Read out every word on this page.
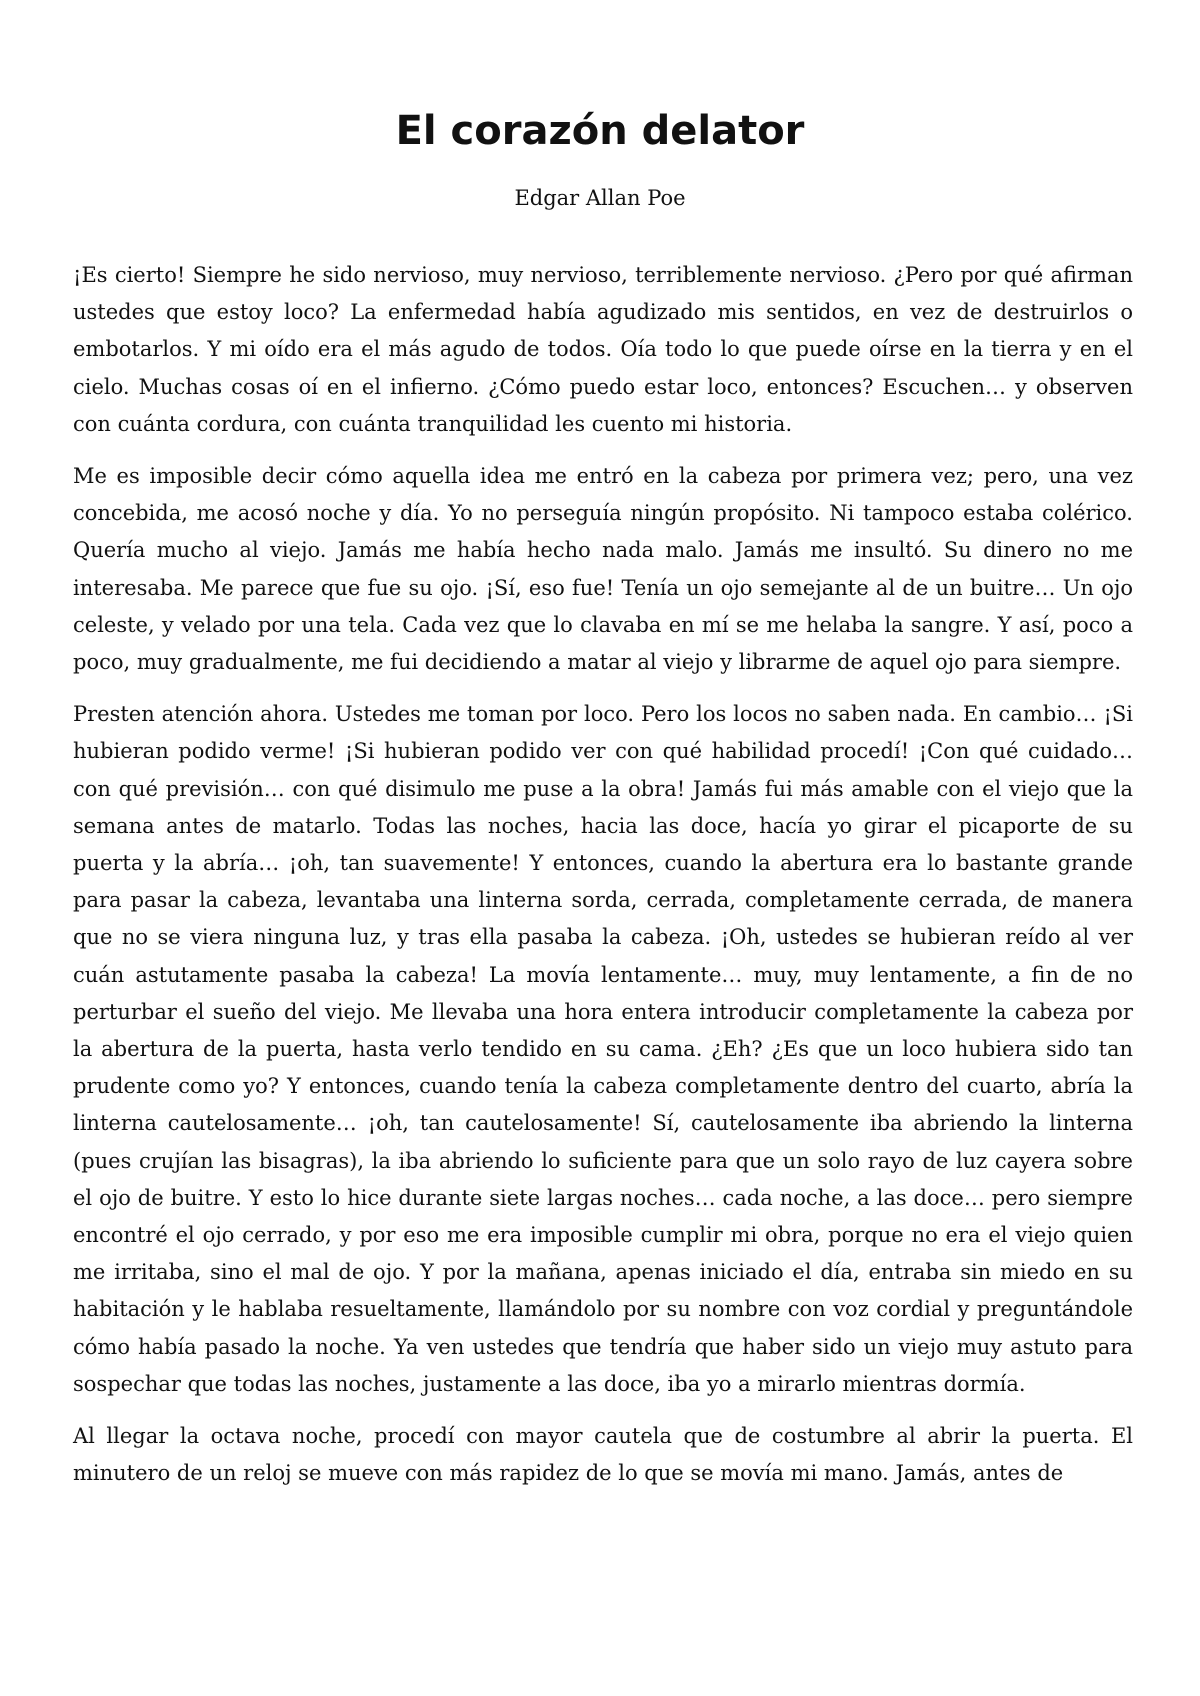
El corazón delator
Edgar Allan Poe

¡Es cierto! Siempre he sido nervioso, muy nervioso, terriblemente nervioso. ¿Pero por qué afirman ustedes que estoy loco? La enfermedad había agudizado mis sentidos, en vez de destruirlos o embotarlos. Y mi oído era el más agudo de todos. Oía todo lo que puede oírse en la tierra y en el cielo. Muchas cosas oí en el infierno. ¿Cómo puedo estar loco, entonces? Escuchen… y observen con cuánta cordura, con cuánta tranquilidad les cuento mi historia.

Me es imposible decir cómo aquella idea me entró en la cabeza por primera vez; pero, una vez concebida, me acosó noche y día. Yo no perseguía ningún propósito. Ni tampoco estaba colérico. Quería mucho al viejo. Jamás me había hecho nada malo. Jamás me insultó. Su dinero no me interesaba. Me parece que fue su ojo. ¡Sí, eso fue! Tenía un ojo semejante al de un buitre… Un ojo celeste, y velado por una tela. Cada vez que lo clavaba en mí se me helaba la sangre. Y así, poco a poco, muy gradualmente, me fui decidiendo a matar al viejo y librarme de aquel ojo para siempre.

Presten atención ahora. Ustedes me toman por loco. Pero los locos no saben nada. En cambio… ¡Si hubieran podido verme! ¡Si hubieran podido ver con qué habilidad procedí! ¡Con qué cuidado… con qué previsión… con qué disimulo me puse a la obra! Jamás fui más amable con el viejo que la semana antes de matarlo. Todas las noches, hacia las doce, hacía yo girar el picaporte de su puerta y la abría… ¡oh, tan suavemente! Y entonces, cuando la abertura era lo bastante grande para pasar la cabeza, levantaba una linterna sorda, cerrada, completamente cerrada, de manera que no se viera ninguna luz, y tras ella pasaba la cabeza. ¡Oh, ustedes se hubieran reído al ver cuán astutamente pasaba la cabeza! La movía lentamente… muy, muy lentamente, a fin de no perturbar el sueño del viejo. Me llevaba una hora entera introducir completamente la cabeza por la abertura de la puerta, hasta verlo tendido en su cama. ¿Eh? ¿Es que un loco hubiera sido tan prudente como yo? Y entonces, cuando tenía la cabeza completamente dentro del cuarto, abría la linterna cautelosamente… ¡oh, tan cautelosamente! Sí, cautelosamente iba abriendo la linterna (pues crujían las bisagras), la iba abriendo lo suficiente para que un solo rayo de luz cayera sobre el ojo de buitre. Y esto lo hice durante siete largas noches… cada noche, a las doce… pero siempre encontré el ojo cerrado, y por eso me era imposible cumplir mi obra, porque no era el viejo quien me irritaba, sino el mal de ojo. Y por la mañana, apenas iniciado el día, entraba sin miedo en su habitación y le hablaba resueltamente, llamándolo por su nombre con voz cordial y preguntándole cómo había pasado la noche. Ya ven ustedes que tendría que haber sido un viejo muy astuto para sospechar que todas las noches, justamente a las doce, iba yo a mirarlo mientras dormía.

Al llegar la octava noche, procedí con mayor cautela que de costumbre al abrir la puerta. El minutero de un reloj se mueve con más rapidez de lo que se movía mi mano. Jamás, antes de
